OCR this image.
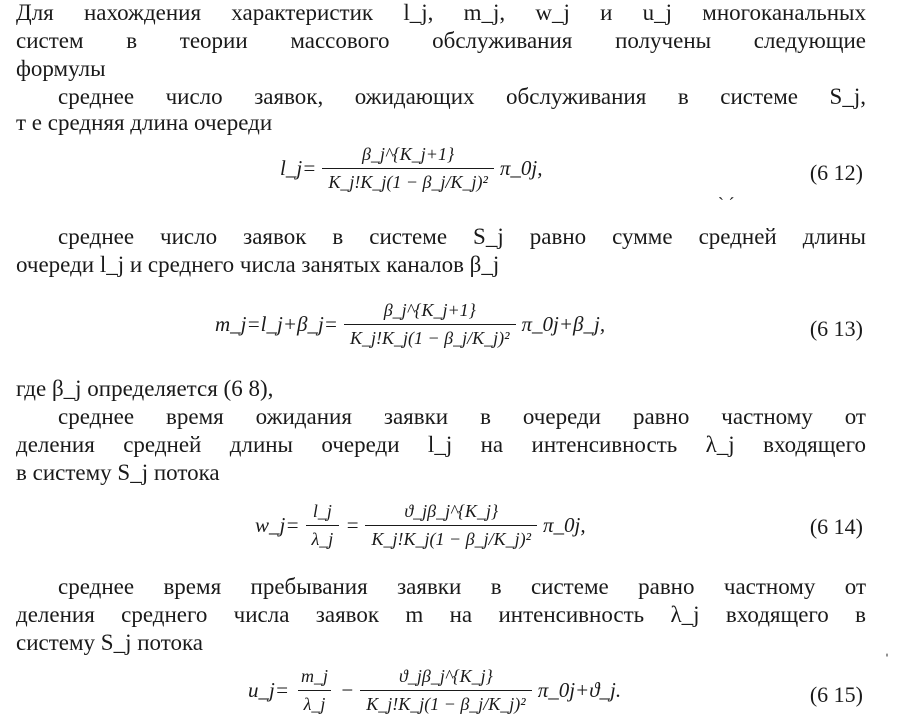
Для нахождения характеристик l_j, m_j, w_j и u_j многоканальных
систем в теории массового обслуживания получены следующие
формулы
среднее число заявок, ожидающих обслуживания в системе S_j,
т е средняя длина очереди
l_j= $\frac{\beta\_j\^{}\{K\_j+1\}}{\text{K\_j!K\_j(1 − β\_j/K\_j)²}}$ π_0j,	(6 12)
ˋ ˊ
среднее число заявок в системе S_j равно сумме средней длины
очереди l_j и среднего числа занятых каналов β_j
m_j=l_j+β_j= $\frac{\beta\_j\^{}\{K\_j+1\}}{\text{K\_j!K\_j(1 − β\_j/K\_j)²}}$ π_0j+β_j,	(6 13)
где β_j определяется (6 8),
среднее время ожидания заявки в очереди равно частному от
деления средней длины очереди l_j на интенсивность λ_j входящего
в систему S_j потока
w_j= $\frac{l\_j}{\lambda\_j} = \frac{ϑ\_j\beta\_j\^{}\{K\_j\}}{\text{K\_j!K\_j(1 − β\_j/K\_j)²}}$ π_0j,	(6 14)
среднее время пребывания заявки в системе равно частному от
деления среднего числа заявок m на интенсивность λ_j входящего в
систему S_j потока
u_j= $\frac{m\_j}{\lambda\_j} - \frac{ϑ\_j\beta\_j\^{}\{K\_j\}}{\text{K\_j!K\_j(1 − β\_j/K\_j)²}}$ π_0j+ϑ_j.	(6 15)
ˈ
